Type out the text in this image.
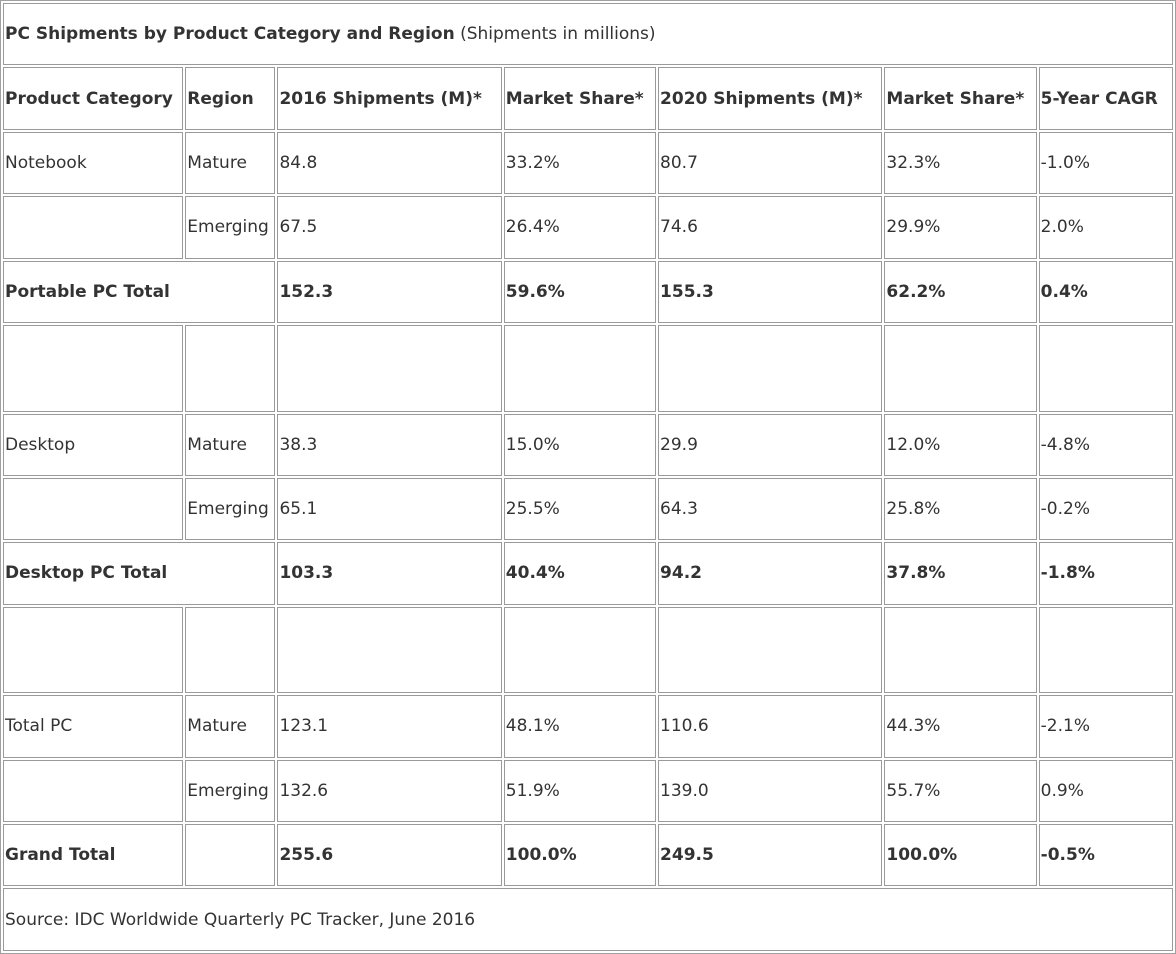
PC Shipments by Product Category and Region (Shipments in millions)						
Product Category	Region	2016 Shipments (M)*	Market Share*	2020 Shipments (M)*	Market Share*	5-Year CAGR
Notebook	Mature	84.8	33.2%	80.7	32.3%	-1.0%
	Emerging	67.5	26.4%	74.6	29.9%	2.0%
Portable PC Total		152.3	59.6%	155.3	62.2%	0.4%

Desktop	Mature	38.3	15.0%	29.9	12.0%	-4.8%
	Emerging	65.1	25.5%	64.3	25.8%	-0.2%
Desktop PC Total		103.3	40.4%	94.2	37.8%	-1.8%

Total PC	Mature	123.1	48.1%	110.6	44.3%	-2.1%
	Emerging	132.6	51.9%	139.0	55.7%	0.9%
Grand Total		255.6	100.0%	249.5	100.0%	-0.5%
Source: IDC Worldwide Quarterly PC Tracker, June 2016						
